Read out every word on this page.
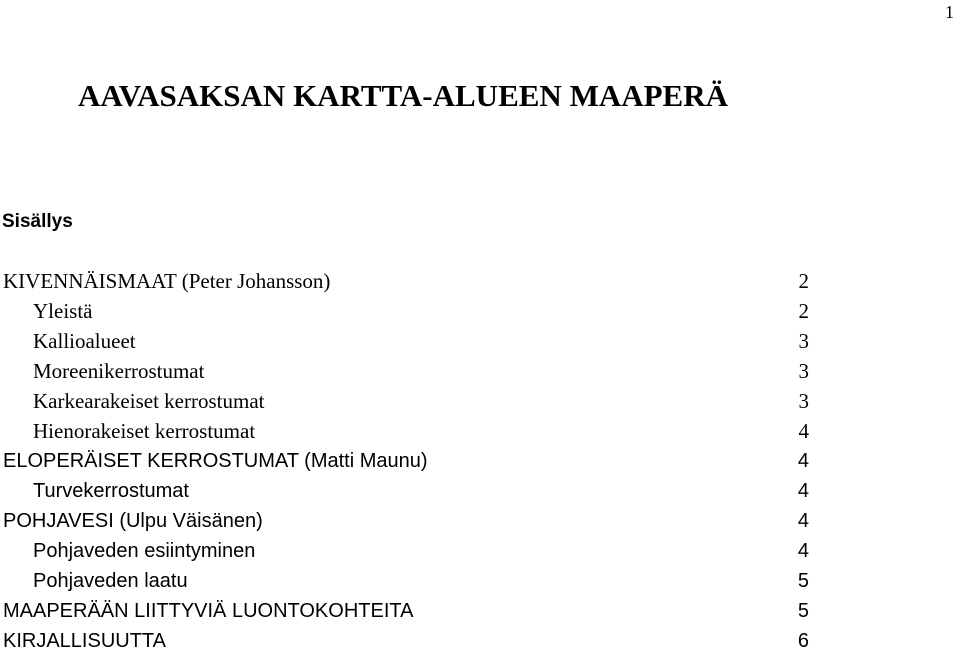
1
AAVASAKSAN KARTTA-ALUEEN MAAPERÄ
Sisällys
KIVENNÄISMAAT (Peter Johansson)	2
Yleistä	2
Kallioalueet	3
Moreenikerrostumat	3
Karkearakeiset kerrostumat	3
Hienorakeiset kerrostumat	4
ELOPERÄISET KERROSTUMAT (Matti Maunu)	4
Turvekerrostumat	4
POHJAVESI (Ulpu Väisänen)	4
Pohjaveden esiintyminen	4
Pohjaveden laatu	5
MAAPERÄÄN LIITTYVIÄ LUONTOKOHTEITA	5
KIRJALLISUUTTA	6
